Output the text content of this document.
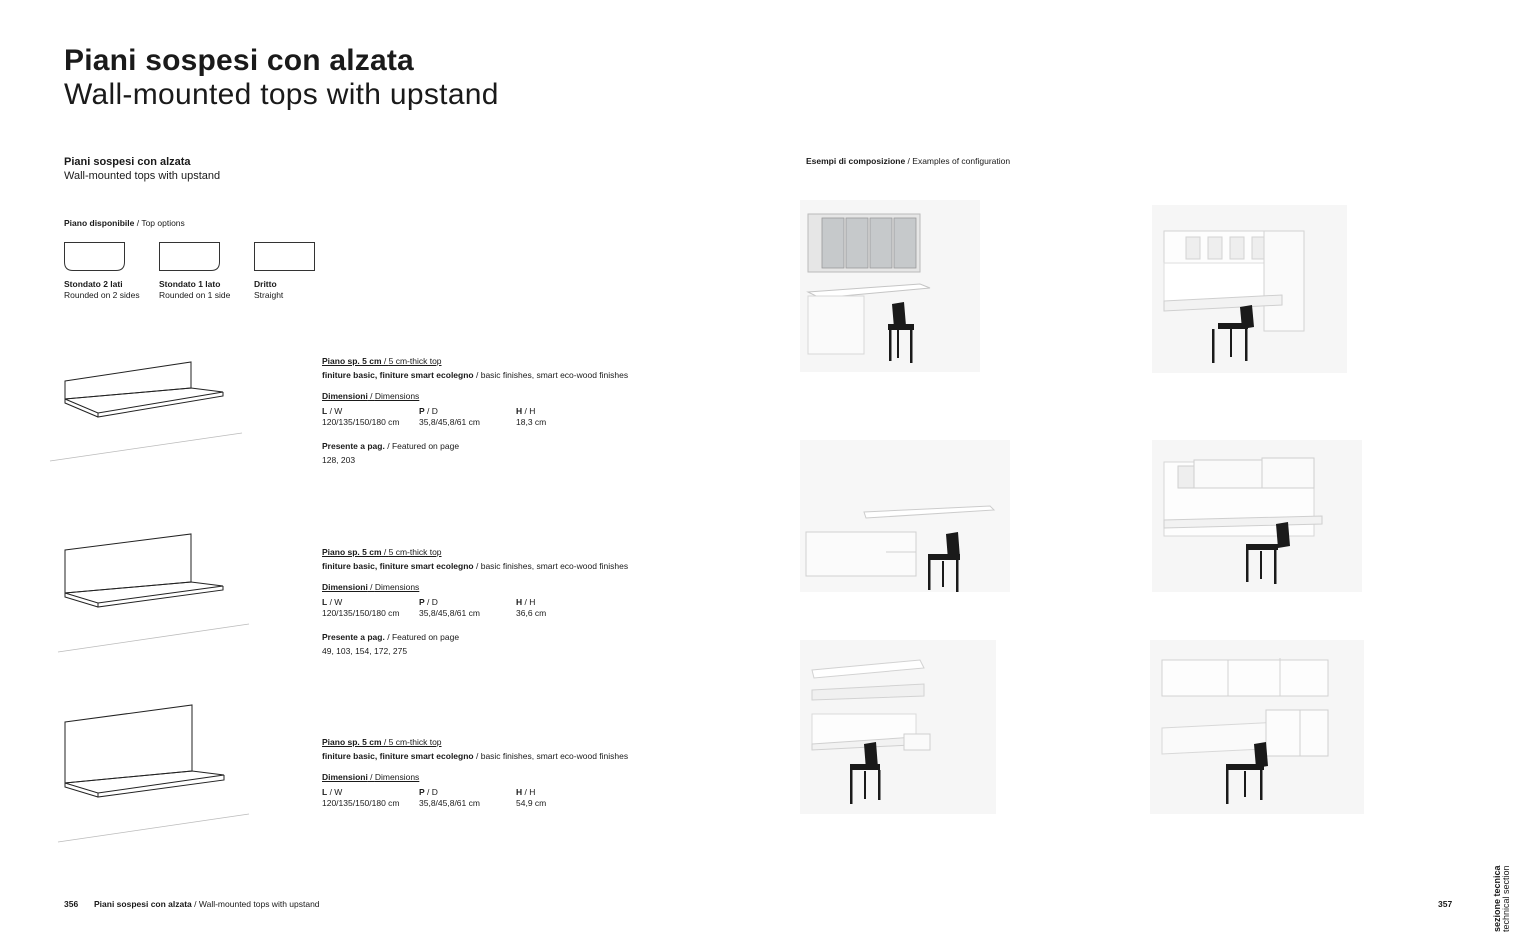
Piani sospesi con alzata
Wall-mounted tops with upstand
Piani sospesi con alzata
Wall-mounted tops with upstand
Piano disponibile / Top options
Stondato 2 lati
Rounded on 2 sides
Stondato 1 lato
Rounded on 1 side
Dritto
Straight
Piano sp. 5 cm / 5 cm-thick top
finiture basic, finiture smart ecolegno / basic finishes, smart eco-wood finishes
Dimensioni / Dimensions
L / W
120/135/150/180 cm
P / D
35,8/45,8/61 cm
H / H
18,3 cm
Presente a pag. / Featured on page
128, 203
Piano sp. 5 cm / 5 cm-thick top
finiture basic, finiture smart ecolegno / basic finishes, smart eco-wood finishes
Dimensioni / Dimensions
L / W
120/135/150/180 cm
P / D
35,8/45,8/61 cm
H / H
36,6 cm
Presente a pag. / Featured on page
49, 103, 154, 172, 275
Piano sp. 5 cm / 5 cm-thick top
finiture basic, finiture smart ecolegno / basic finishes, smart eco-wood finishes
Dimensioni / Dimensions
L / W
120/135/150/180 cm
P / D
35,8/45,8/61 cm
H / H
54,9 cm
Esempi di composizione / Examples of configuration
356 Piani sospesi con alzata / Wall-mounted tops with upstand	357	sezione tecnica technical section
